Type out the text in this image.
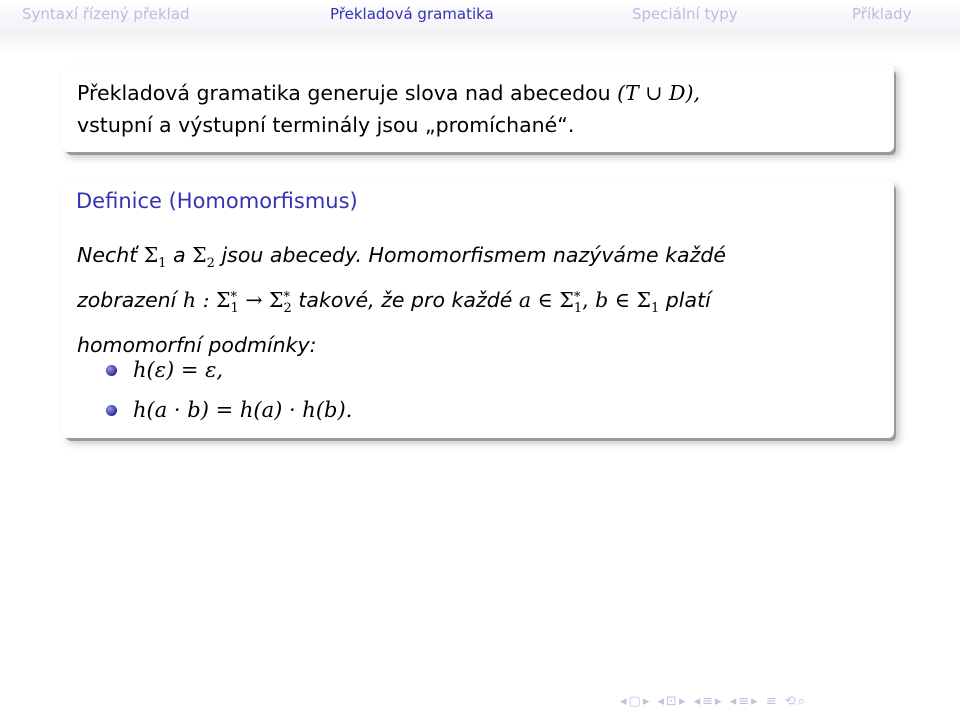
Syntaxí řízený překlad	Překladová gramatika	Speciální typy	Příklady
Překladová gramatika generuje slova nad abecedou (T ∪ D),
vstupní a výstupní terminály jsou „promíchané“.
Definice (Homomorfismus)
Nechť $\Sigma_1$ a $\Sigma_2$ jsou abecedy. Homomorfismem nazýváme každé
zobrazení h : Σ *
1 → Σ *
2 takové, že pro každé a ∈ Σ *
1 , b ∈ $\Sigma_1$ platí
homomorfní podmínky:
h(ε) = ε,
h(a · b) = h(a) · h(b).
◂▢▸ ◂⊡▸ ◂≡▸ ◂≡▸ ≡ ⟲⌕
